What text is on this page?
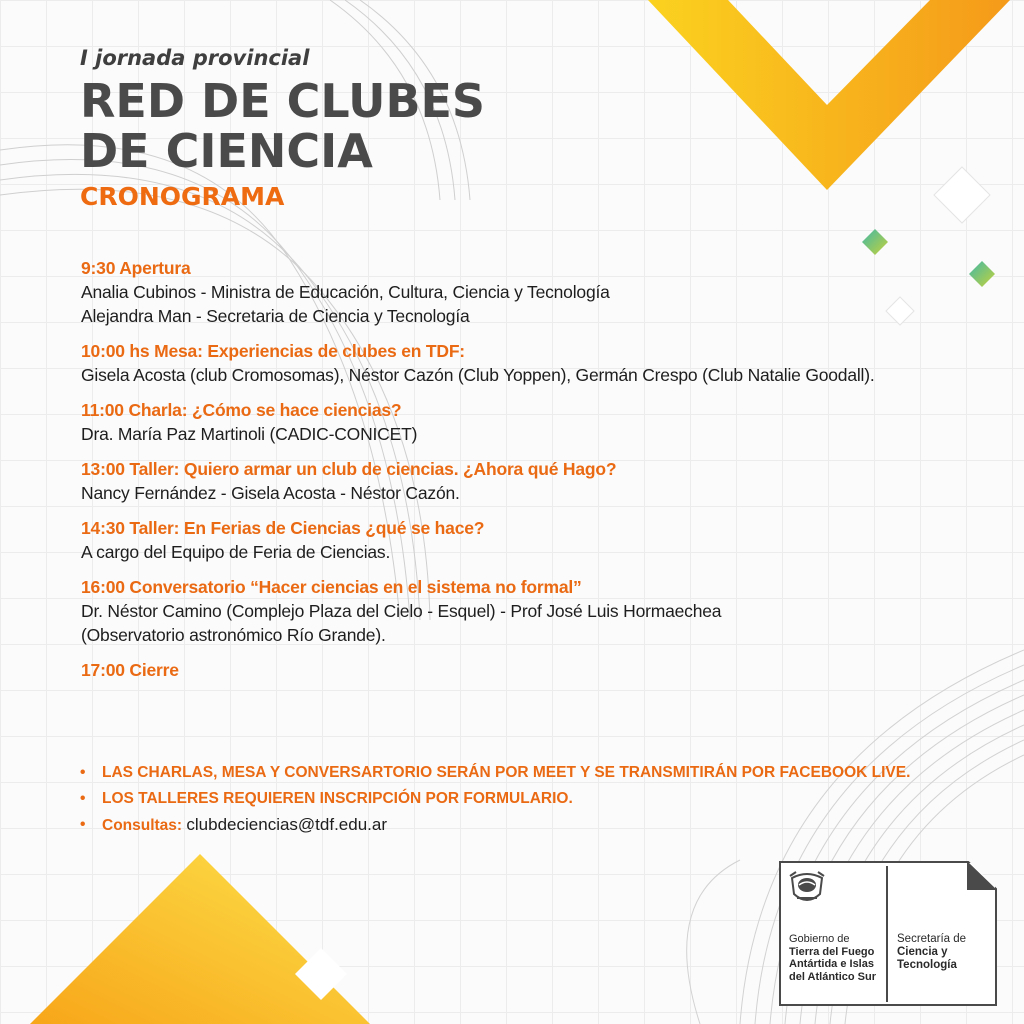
I jornada provincial

RED DE CLUBES
DE CIENCIA
CRONOGRAMA
9:30 Apertura
Analia Cubinos - Ministra de Educación, Cultura, Ciencia y Tecnología
Alejandra Man - Secretaria de Ciencia y Tecnología
10:00 hs Mesa: Experiencias de clubes en TDF:
Gisela Acosta (club Cromosomas), Néstor Cazón (Club Yoppen), Germán Crespo (Club Natalie Goodall).
11:00 Charla: ¿Cómo se hace ciencias?
Dra. María Paz Martinoli (CADIC-CONICET)
13:00 Taller: Quiero armar un club de ciencias. ¿Ahora qué Hago?
Nancy Fernández - Gisela Acosta - Néstor Cazón.
14:30 Taller: En Ferias de Ciencias ¿qué se hace?
A cargo del Equipo de Feria de Ciencias.
16:00 Conversatorio “Hacer ciencias en el sistema no formal”
Dr. Néstor Camino (Complejo Plaza del Cielo - Esquel) - Prof José Luis Hormaechea
(Observatorio astronómico Río Grande).
17:00 Cierre
• LAS CHARLAS, MESA Y CONVERSARTORIO SERÁN POR MEET Y SE TRANSMITIRÁN POR FACEBOOK LIVE.
• LOS TALLERES REQUIEREN INSCRIPCIÓN POR FORMULARIO.
• Consultas: clubdeciencias@tdf.edu.ar
Gobierno de
Tierra del Fuego
Antártida e Islas
del Atlántico Sur
Secretaría de
Ciencia y
Tecnología
